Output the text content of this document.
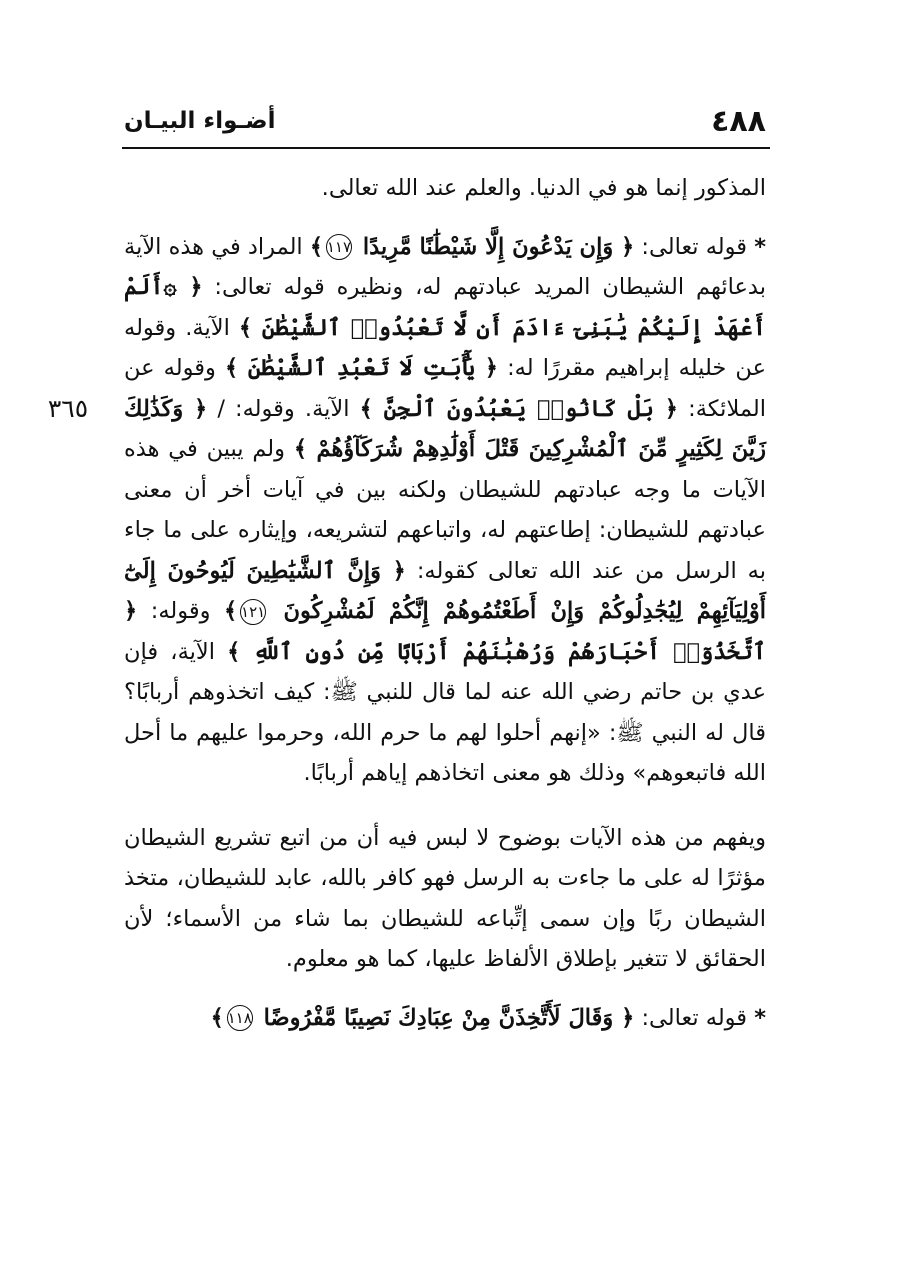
٤٨٨
أضـواء البيـان
٣٦٥

المذكور إنما هو في الدنيا. والعلم عند الله تعالى.

* قوله تعالى: ﴿ وَإِن يَدْعُونَ إِلَّا شَيْطَٰنًا مَّرِيدًا ١١٧﴾ المراد في هذه الآية بدعائهم الشيطان المريد عبادتهم له، ونظيره قوله تعالى: ﴿ ۞أَلَمْ أَعْهَدْ إِلَيْكُمْ يَٰبَنِىٓ ءَادَمَ أَن لَّا تَعْبُدُوا۟ ٱلشَّيْطَٰنَ ﴾ الآية. وقوله عن خليله إبراهيم مقررًا له: ﴿ يَٰٓأَبَتِ لَا تَعْبُدِ ٱلشَّيْطَٰنَ ﴾ وقوله عن الملائكة: ﴿ بَلْ كَانُوا۟ يَعْبُدُونَ ٱلْجِنَّ ﴾ الآية. وقوله: / ﴿ وَكَذَٰلِكَ زَيَّنَ لِكَثِيرٍ مِّنَ ٱلْمُشْرِكِينَ قَتْلَ أَوْلَٰدِهِمْ شُرَكَآؤُهُمْ ﴾ ولم يبين في هذه الآيات ما وجه عبادتهم للشيطان ولكنه بين في آيات أخر أن معنى عبادتهم للشيطان: إطاعتهم له، واتباعهم لتشريعه، وإيثاره على ما جاء به الرسل من عند الله تعالى كقوله: ﴿ وَإِنَّ ٱلشَّيَٰطِينَ لَيُوحُونَ إِلَىٰٓ أَوْلِيَآئِهِمْ لِيُجَٰدِلُوكُمْ وَإِنْ أَطَعْتُمُوهُمْ إِنَّكُمْ لَمُشْرِكُونَ ١٢١﴾ وقوله: ﴿ ٱتَّخَذُوٓا۟ أَحْبَارَهُمْ وَرُهْبَٰنَهُمْ أَرْبَابًا مِّن دُونِ ٱللَّهِ ﴾ الآية، فإن عدي بن حاتم رضي الله عنه لما قال للنبي ﷺ: كيف اتخذوهم أربابًا؟ قال له النبي ﷺ: «إنهم أحلوا لهم ما حرم الله، وحرموا عليهم ما أحل الله فاتبعوهم» وذلك هو معنى اتخاذهم إياهم أربابًا.

ويفهم من هذه الآيات بوضوح لا لبس فيه أن من اتبع تشريع الشيطان مؤثرًا له على ما جاءت به الرسل فهو كافر بالله، عابد للشيطان، متخذ الشيطان ربًا وإن سمى إتِّباعه للشيطان بما شاء من الأسماء؛ لأن الحقائق لا تتغير بإطلاق الألفاظ عليها، كما هو معلوم.

* قوله تعالى: ﴿ وَقَالَ لَأَتَّخِذَنَّ مِنْ عِبَادِكَ نَصِيبًا مَّفْرُوضًا ١١٨﴾
